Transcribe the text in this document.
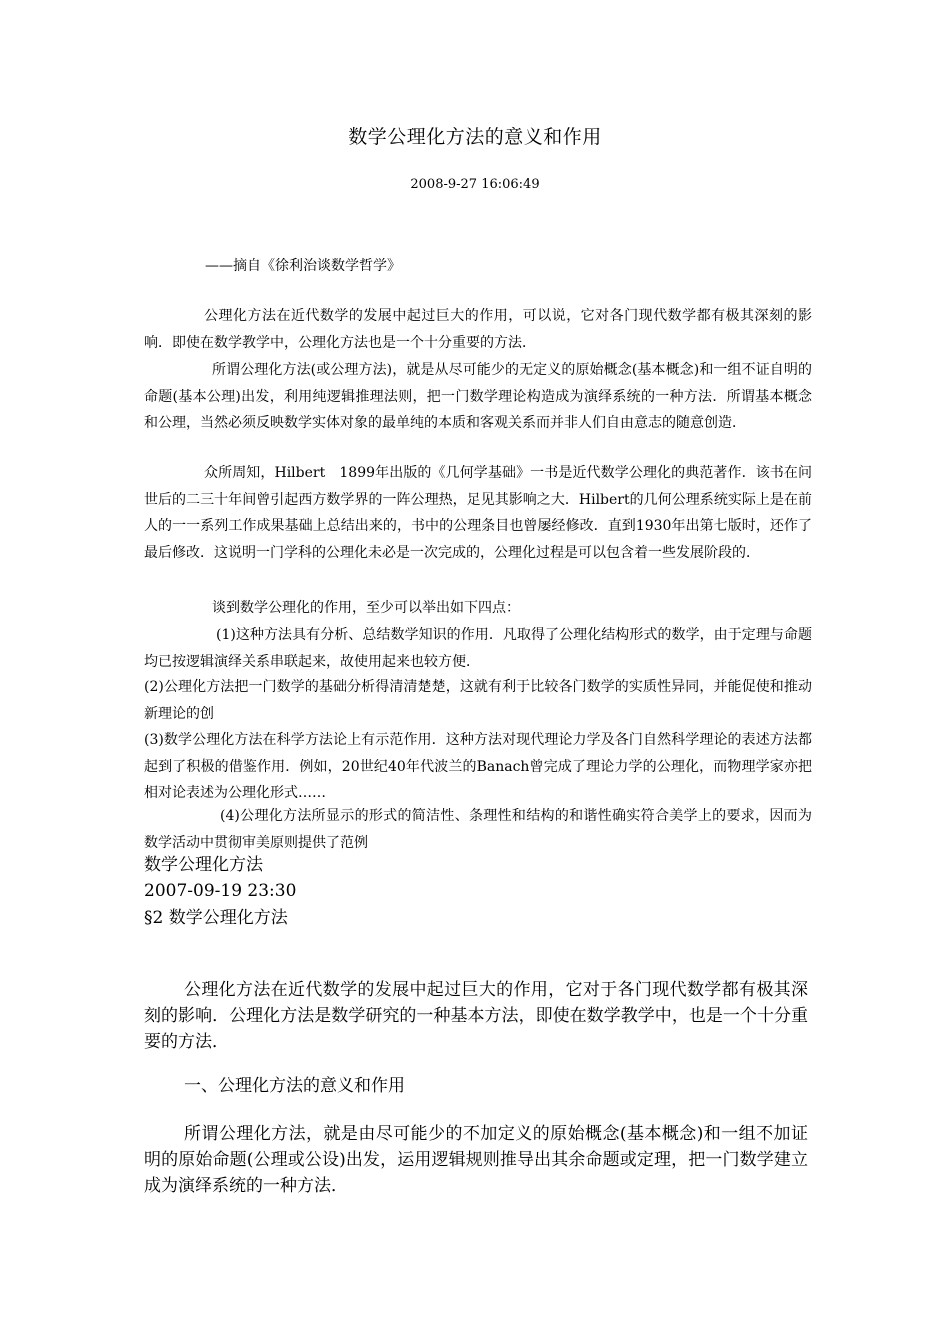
数学公理化方法的意义和作用
2008-9-27 16:06:49
——摘自《徐利治谈数学哲学》

公理化方法在近代数学的发展中起过巨大的作用，可以说，它对各门现代数学都有极其深刻的影响．即使在数学教学中，公理化方法也是一个十分重要的方法．

所谓公理化方法(或公理方法)，就是从尽可能少的无定义的原始概念(基本概念)和一组不证自明的命题(基本公理)出发，利用纯逻辑推理法则，把一门数学理论构造成为演绎系统的一种方法．所谓基本概念和公理，当然必须反映数学实体对象的最单纯的本质和客观关系而并非人们自由意志的随意创造．

众所周知，Hilbert　1899年出版的《几何学基础》一书是近代数学公理化的典范著作．该书在问世后的二三十年间曾引起西方数学界的一阵公理热，足见其影响之大．Hilbert的几何公理系统实际上是在前人的一一系列工作成果基础上总结出来的，书中的公理条目也曾屡经修改．直到1930年出第七版时，还作了最后修改．这说明一门学科的公理化未必是一次完成的，公理化过程是可以包含着一些发展阶段的．

谈到数学公理化的作用，至少可以举出如下四点：

(1)这种方法具有分析、总结数学知识的作用．凡取得了公理化结构形式的数学，由于定理与命题均已按逻辑演绎关系串联起来，故使用起来也较方便．

(2)公理化方法把一门数学的基础分析得清清楚楚，这就有利于比较各门数学的实质性异同，并能促使和推动新理论的创

(3)数学公理化方法在科学方法论上有示范作用．这种方法对现代理论力学及各门自然科学理论的表述方法都起到了积极的借鉴作用．例如，20世纪40年代波兰的Banach曾完成了理论力学的公理化，而物理学家亦把相对论表述为公理化形式……

(4)公理化方法所显示的形式的简洁性、条理性和结构的和谐性确实符合美学上的要求，因而为数学活动中贯彻审美原则提供了范例

数学公理化方法
2007-09-19 23:30
§2 数学公理化方法

公理化方法在近代数学的发展中起过巨大的作用，它对于各门现代数学都有极其深刻的影响．公理化方法是数学研究的一种基本方法，即使在数学教学中，也是一个十分重要的方法．

一、公理化方法的意义和作用

所谓公理化方法，就是由尽可能少的不加定义的原始概念(基本概念)和一组不加证明的原始命题(公理或公设)出发，运用逻辑规则推导出其余命题或定理，把一门数学建立成为演绎系统的一种方法．
